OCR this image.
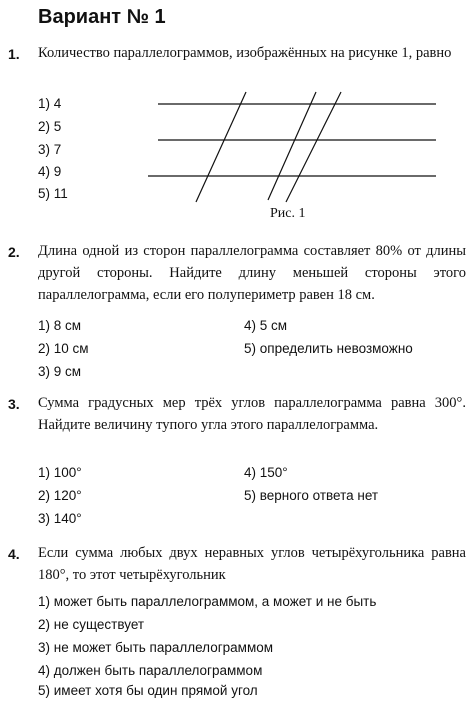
Вариант № 1
1. Количество параллелограммов, изображённых на рисунке 1, равно
1) 4
2) 5
3) 7
4) 9
5) 11
Рис. 1
2. Длина одной из сторон параллелограмма составляет 80% от длины другой стороны. Найдите длину меньшей стороны этого параллелограмма, если его полупериметр равен 18 см.
1) 8 см
2) 10 см
3) 9 см
4) 5 см
5) определить невозможно
3. Сумма градусных мер трёх углов параллелограмма равна 300°. Найдите величину тупого угла этого параллелограмма.
1) 100°
2) 120°
3) 140°
4) 150°
5) верного ответа нет
4. Если сумма любых двух неравных углов четырёхугольника равна 180°, то этот четырёхугольник
1) может быть параллелограммом, а может и не быть
2) не существует
3) не может быть параллелограммом
4) должен быть параллелограммом
5) имеет хотя бы один прямой угол
